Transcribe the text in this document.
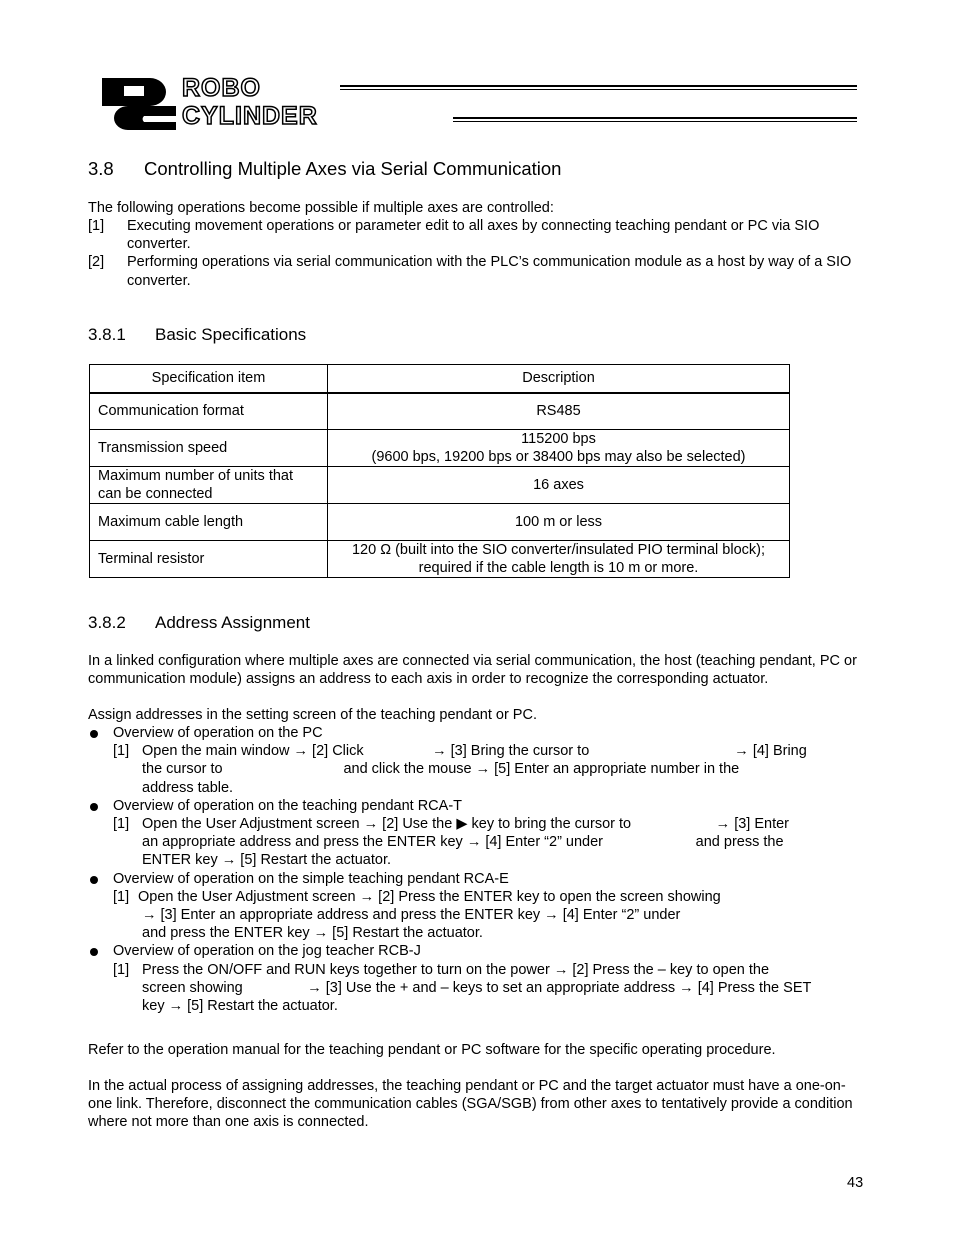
ROBO
CYLINDER
3.8 Controlling Multiple Axes via Serial Communication
The following operations become possible if multiple axes are controlled:
[1]	Executing movement operations or parameter edit to all axes by connecting teaching pendant or PC via SIO converter.
[2]	Performing operations via serial communication with the PLC’s communication module as a host by way of a SIO converter.
3.8.1 Basic Specifications
Specification item	Description
Communication format	RS485

Transmission speed	115200 bps
(9600 bps, 19200 bps or 38400 bps may also be selected)

Maximum number of units that can be connected	16 axes

Maximum cable length	100 m or less

Terminal resistor	120 Ω (built into the SIO converter/insulated PIO terminal block);
required if the cable length is 10 m or more.
3.8.2 Address Assignment
In a linked configuration where multiple axes are connected via serial communication, the host (teaching pendant, PC or communication module) assigns an address to each axis in order to recognize the corresponding actuator.
Assign addresses in the setting screen of the teaching pendant or PC.
Overview of operation on the PC
[1] Open the main window → [2] Click                 → [3] Bring the cursor to                                    → [4] Bring
the cursor to                              and click the mouse → [5] Enter an appropriate number in the
address table.
Overview of operation on the teaching pendant RCA-T
[1] Open the User Adjustment screen → [2] Use the ▶ key to bring the cursor to                     → [3] Enter
an appropriate address and press the ENTER key → [4] Enter “2” under                       and press the
ENTER key → [5] Restart the actuator.
Overview of operation on the simple teaching pendant RCA-E
[1] Open the User Adjustment screen → [2] Press the ENTER key to open the screen showing
→ [3] Enter an appropriate address and press the ENTER key → [4] Enter “2” under
and press the ENTER key → [5] Restart the actuator.
Overview of operation on the jog teacher RCB-J
[1] Press the ON/OFF and RUN keys together to turn on the power → [2] Press the – key to open the
screen showing                → [3] Use the + and – keys to set an appropriate address → [4] Press the SET
key → [5] Restart the actuator.
Refer to the operation manual for the teaching pendant or PC software for the specific operating procedure.
In the actual process of assigning addresses, the teaching pendant or PC and the target actuator must have a one-on-one link. Therefore, disconnect the communication cables (SGA/SGB) from other axes to tentatively provide a condition where not more than one axis is connected.
43
